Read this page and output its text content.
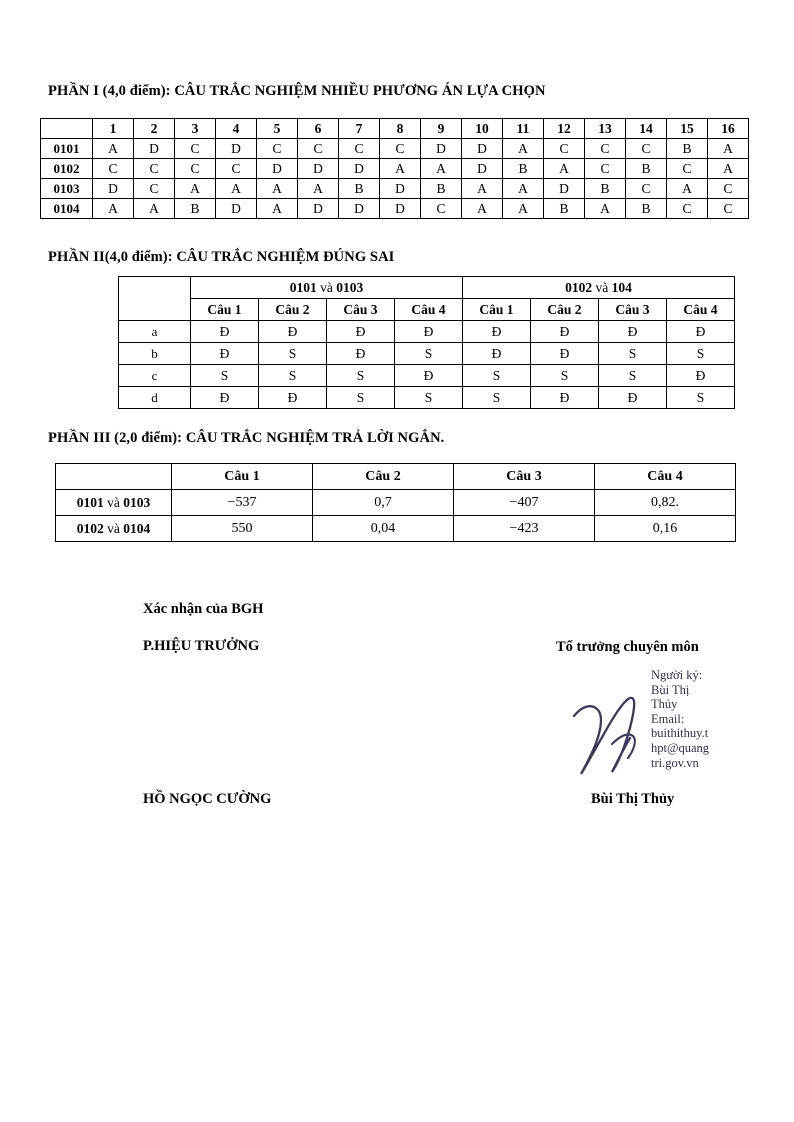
PHẦN I (4,0 điểm): CÂU TRẮC NGHIỆM NHIỀU PHƯƠNG ÁN LỰA CHỌN
	1	2	3	4	5	6	7	8	9	10	11	12	13	14	15	16
0101	A	D	C	D	C	C	C	C	D	D	A	C	C	C	B	A
0102	C	C	C	C	D	D	D	A	A	D	B	A	C	B	C	A
0103	D	C	A	A	A	A	B	D	B	A	A	D	B	C	A	C
0104	A	A	B	D	A	D	D	D	C	A	A	B	A	B	C	C
PHẦN II(4,0 điểm): CÂU TRẮC NGHIỆM ĐÚNG SAI
	0101 và 0103				0102 và 104			
	Câu 1	Câu 2	Câu 3	Câu 4	Câu 1	Câu 2	Câu 3	Câu 4
a	Đ	Đ	Đ	Đ	Đ	Đ	Đ	Đ
b	Đ	S	Đ	S	Đ	Đ	S	S
c	S	S	S	Đ	S	S	S	Đ
d	Đ	Đ	S	S	S	Đ	Đ	S
PHẦN III (2,0 điểm): CÂU TRẮC NGHIỆM TRẢ LỜI NGẮN.
	Câu 1	Câu 2	Câu 3	Câu 4
0101 và 0103	−537	0,7	−407	0,82.
0102 và 0104	550	0,04	−423	0,16
Xác nhận của BGH
P.HIỆU TRƯỞNG
HỒ NGỌC CƯỜNG
Tổ trưởng chuyên môn
Bùi Thị Thủy
Người ký:
Bùi Thị
Thủy
Email:
buithithuy.t
hpt@quang
tri.gov.vn
